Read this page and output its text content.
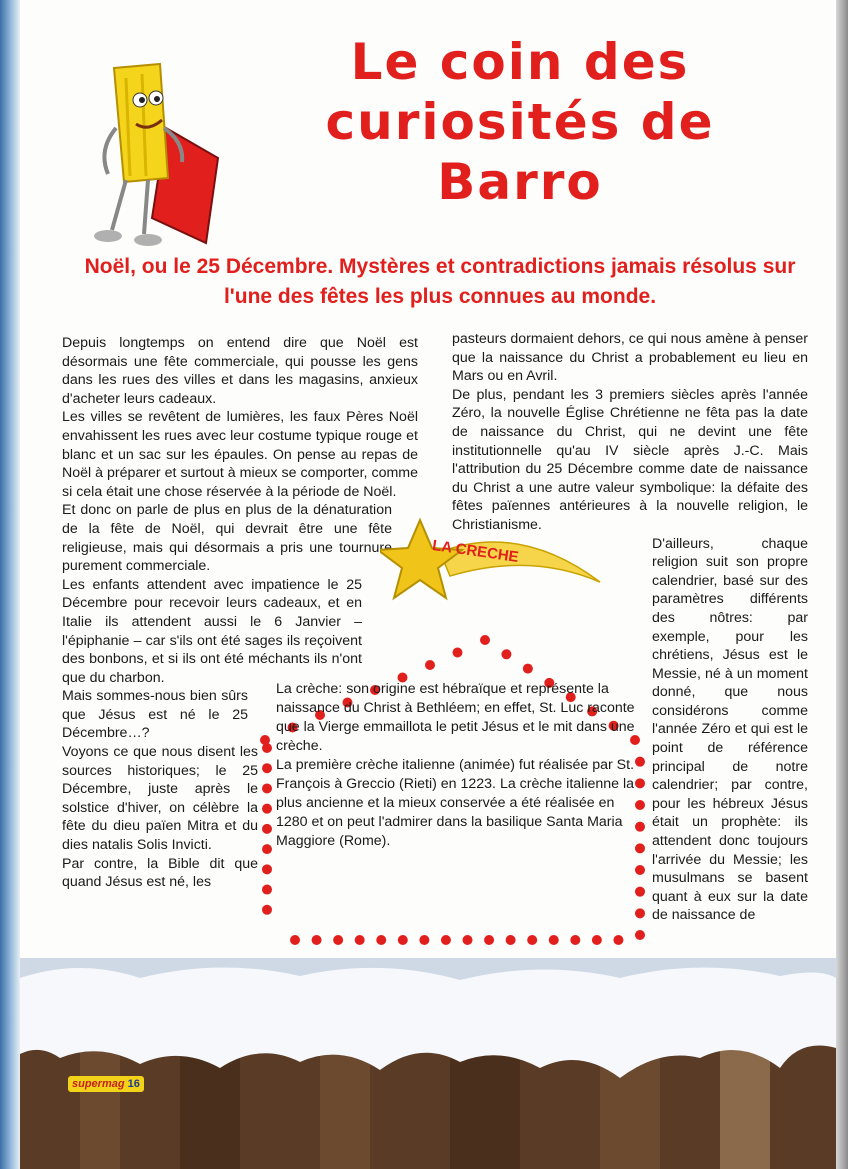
Le coin des
curiosités de
Barro
Noël, ou le 25 Décembre. Mystères et contradictions jamais résolus sur
l'une des fêtes les plus connues au monde.

Depuis longtemps on entend dire que Noël est désormais une fête commerciale, qui pousse les gens dans les rues des villes et dans les magasins, anxieux d'acheter leurs cadeaux.

Les villes se revêtent de lumières, les faux Pères Noël envahissent les rues avec leur costume typique rouge et blanc et un sac sur les épaules. On pense au repas de Noël à préparer et surtout à mieux se comporter, comme si cela était une chose réservée à la période de Noël.

Et donc on parle de plus en plus de la dénaturation de la fête de Noël, qui devrait être une fête religieuse, mais qui désormais a pris une tournure purement commerciale.

Les enfants attendent avec impatience le 25 Décembre pour recevoir leurs cadeaux, et en Italie ils attendent aussi le 6 Janvier – l'épiphanie – car s'ils ont été sages ils reçoivent des bonbons, et si ils ont été méchants ils n'ont que du charbon.

Mais sommes-nous bien sûrs que Jésus est né le 25 Décembre…?

Voyons ce que nous disent les sources historiques; le 25 Décembre, juste après le solstice d'hiver, on célèbre la fête du dieu païen Mitra et du dies natalis Solis Invicti.

Par contre, la Bible dit que quand Jésus est né, les

pasteurs dormaient dehors, ce qui nous amène à penser que la naissance du Christ a probablement eu lieu en Mars ou en Avril.

De plus, pendant les 3 premiers siècles après l'année Zéro, la nouvelle Église Chrétienne ne fêta pas la date de naissance du Christ, qui ne devint une fête institutionnelle qu'au IV siècle après J.-C. Mais l'attribution du 25 Décembre comme date de naissance du Christ a une autre valeur symbolique: la défaite des fêtes païennes antérieures à la nouvelle religion, le Christianisme.

D'ailleurs, chaque religion suit son propre calendrier, basé sur des paramètres différents des nôtres: par exemple, pour les chrétiens, Jésus est le Messie, né à un moment donné, que nous considérons comme l'année Zéro et qui est le point de référence principal de notre calendrier; par contre, pour les hébreux Jésus était un prophète: ils attendent donc toujours l'arrivée du Messie; les musulmans se basent quant à eux sur la date de naissance de

LA CRECHE

La crèche: son origine est hébraïque et représente la naissance du Christ à Bethléem; en effet, St. Luc raconte que la Vierge emmaillota le petit Jésus et le mit dans une crèche.

La première crèche italienne (animée) fut réalisée par St. François à Greccio (Rieti) en 1223. La crèche italienne la plus ancienne et la mieux conservée a été réalisée en 1280 et on peut l'admirer dans la basilique Santa Maria Maggiore (Rome).

supermag 16
